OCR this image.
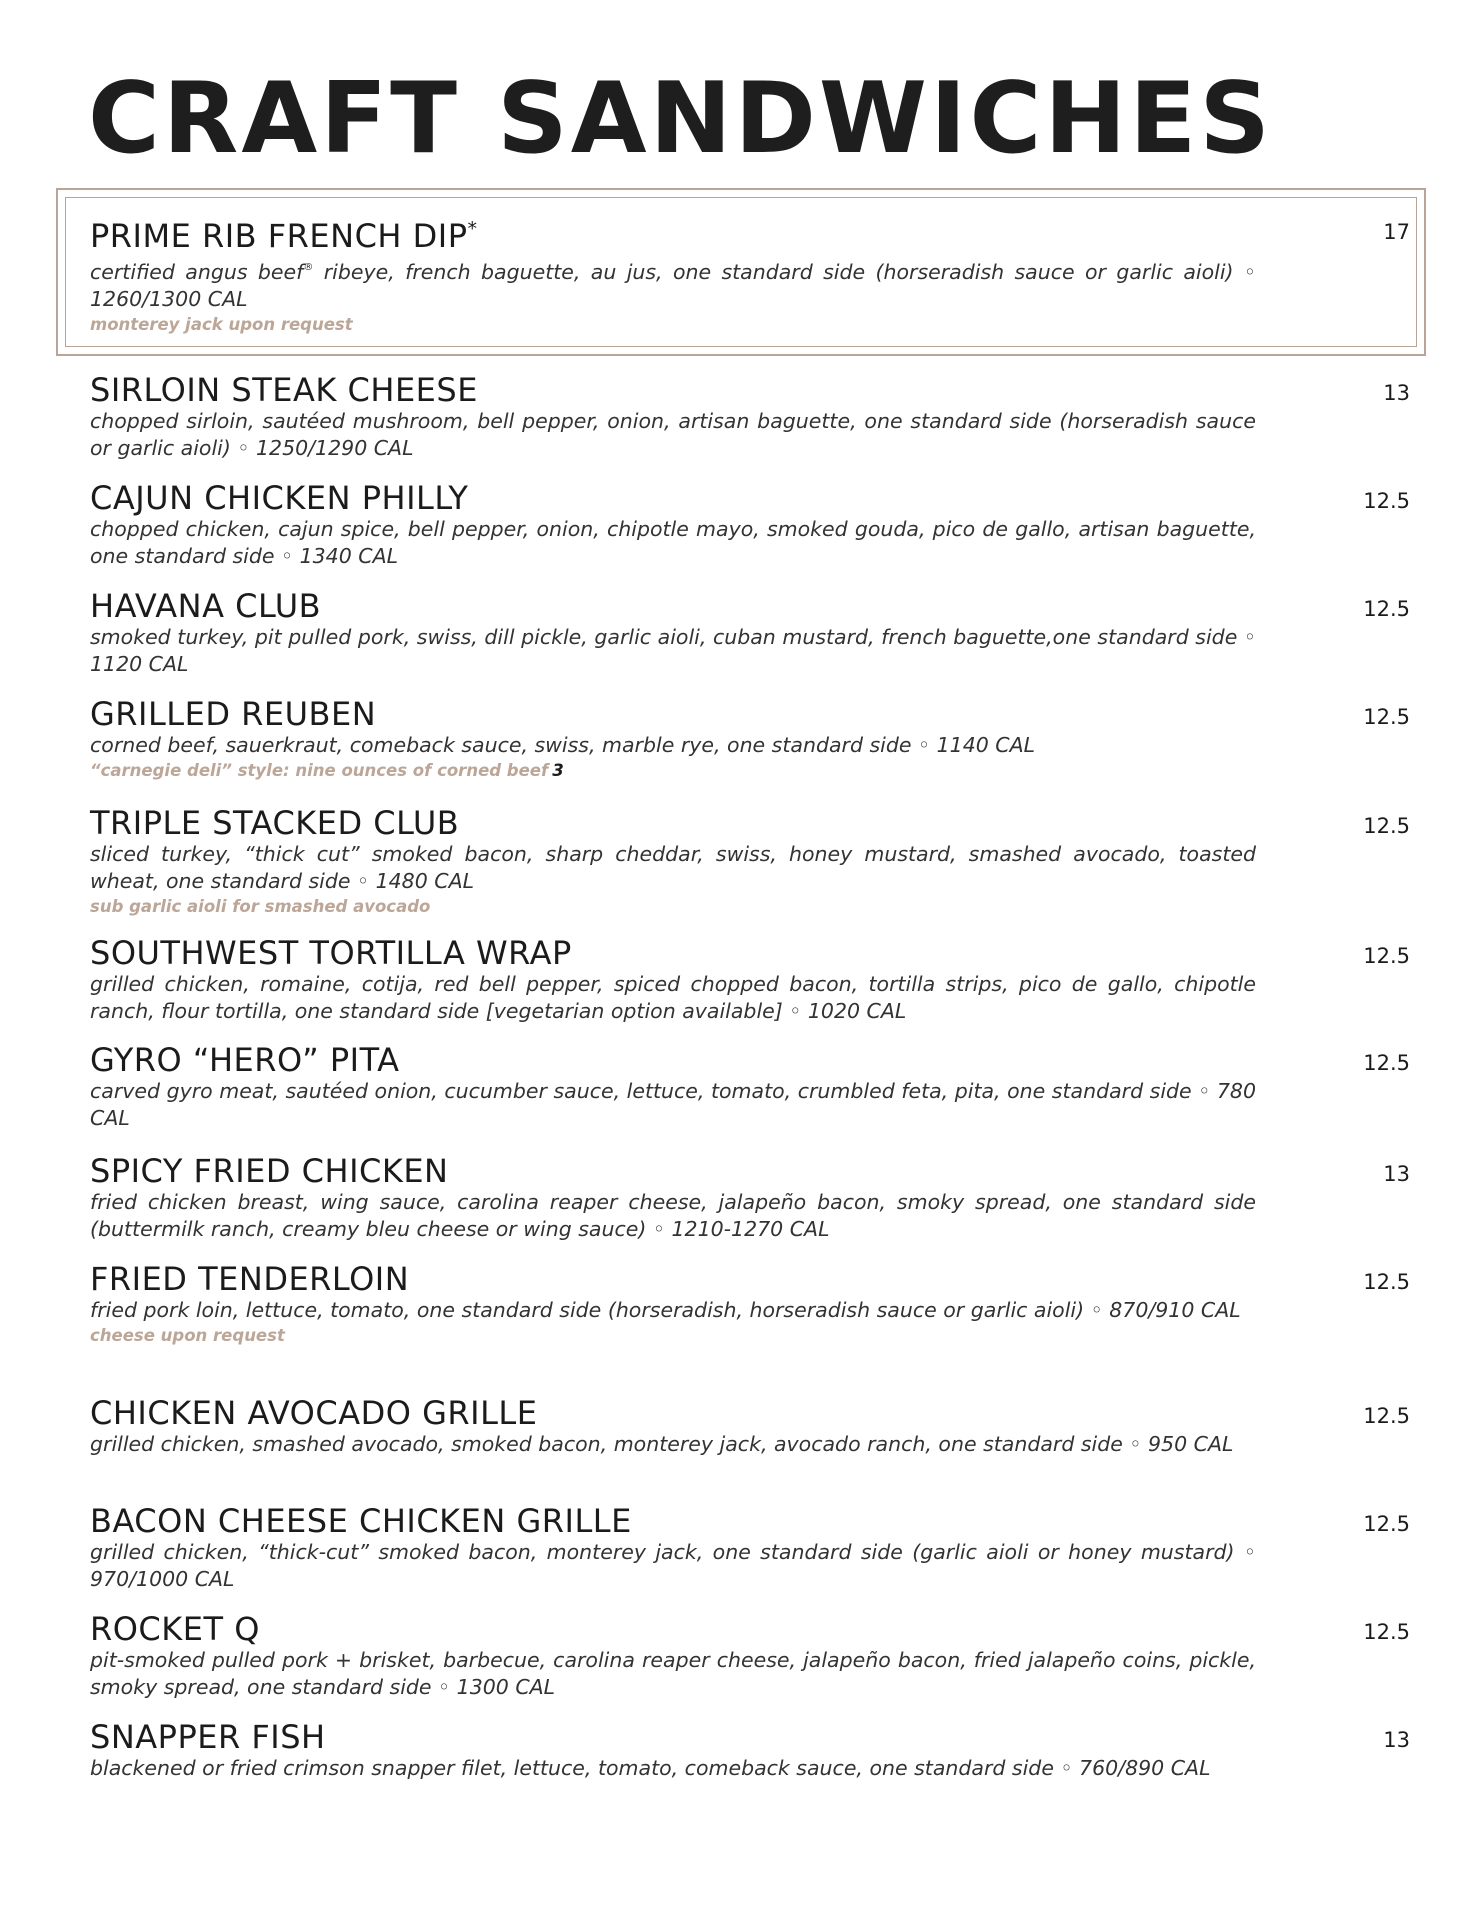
CRAFT SANDWICHES
PRIME RIB FRENCH DIP*	17
certified angus beef® ribeye, french baguette, au jus, one standard side (horseradish sauce or garlic aioli) ◦ 1260/1300 CAL
monterey jack upon request
SIRLOIN STEAK CHEESE	13
chopped sirloin, sautéed mushroom, bell pepper, onion, artisan baguette, one standard side (horseradish sauce or garlic aioli) ◦ 1250/1290 CAL
CAJUN CHICKEN PHILLY	12.5
chopped chicken, cajun spice, bell pepper, onion, chipotle mayo, smoked gouda, pico de gallo, artisan baguette, one standard side ◦ 1340 CAL
HAVANA CLUB	12.5
smoked turkey, pit pulled pork, swiss, dill pickle, garlic aioli, cuban mustard, french baguette,one standard side ◦ 1120 CAL
GRILLED REUBEN	12.5
corned beef, sauerkraut, comeback sauce, swiss, marble rye, one standard side ◦ 1140 CAL
“carnegie deli” style: nine ounces of corned beef 3
TRIPLE STACKED CLUB	12.5
sliced turkey, “thick cut” smoked bacon, sharp cheddar, swiss, honey mustard, smashed avocado, toasted wheat, one standard side ◦ 1480 CAL
sub garlic aioli for smashed avocado
SOUTHWEST TORTILLA WRAP	12.5
grilled chicken, romaine, cotija, red bell pepper, spiced chopped bacon, tortilla strips, pico de gallo, chipotle ranch, flour tortilla, one standard side [vegetarian option available] ◦ 1020 CAL
GYRO “HERO” PITA	12.5
carved gyro meat, sautéed onion, cucumber sauce, lettuce, tomato, crumbled feta, pita, one standard side ◦ 780 CAL
SPICY FRIED CHICKEN	13
fried chicken breast, wing sauce, carolina reaper cheese, jalapeño bacon, smoky spread, one standard side (buttermilk ranch, creamy bleu cheese or wing sauce) ◦ 1210-1270 CAL
FRIED TENDERLOIN	12.5
fried pork loin, lettuce, tomato, one standard side (horseradish, horseradish sauce or garlic aioli) ◦ 870/910 CAL
cheese upon request
CHICKEN AVOCADO GRILLE	12.5
grilled chicken, smashed avocado, smoked bacon, monterey jack, avocado ranch, one standard side ◦ 950 CAL
BACON CHEESE CHICKEN GRILLE	12.5
grilled chicken, “thick-cut” smoked bacon, monterey jack, one standard side (garlic aioli or honey mustard) ◦ 970/1000 CAL
ROCKET Q	12.5
pit-smoked pulled pork + brisket, barbecue, carolina reaper cheese, jalapeño bacon, fried jalapeño coins, pickle, smoky spread, one standard side ◦ 1300 CAL
SNAPPER FISH	13
blackened or fried crimson snapper filet, lettuce, tomato, comeback sauce, one standard side ◦ 760/890 CAL
